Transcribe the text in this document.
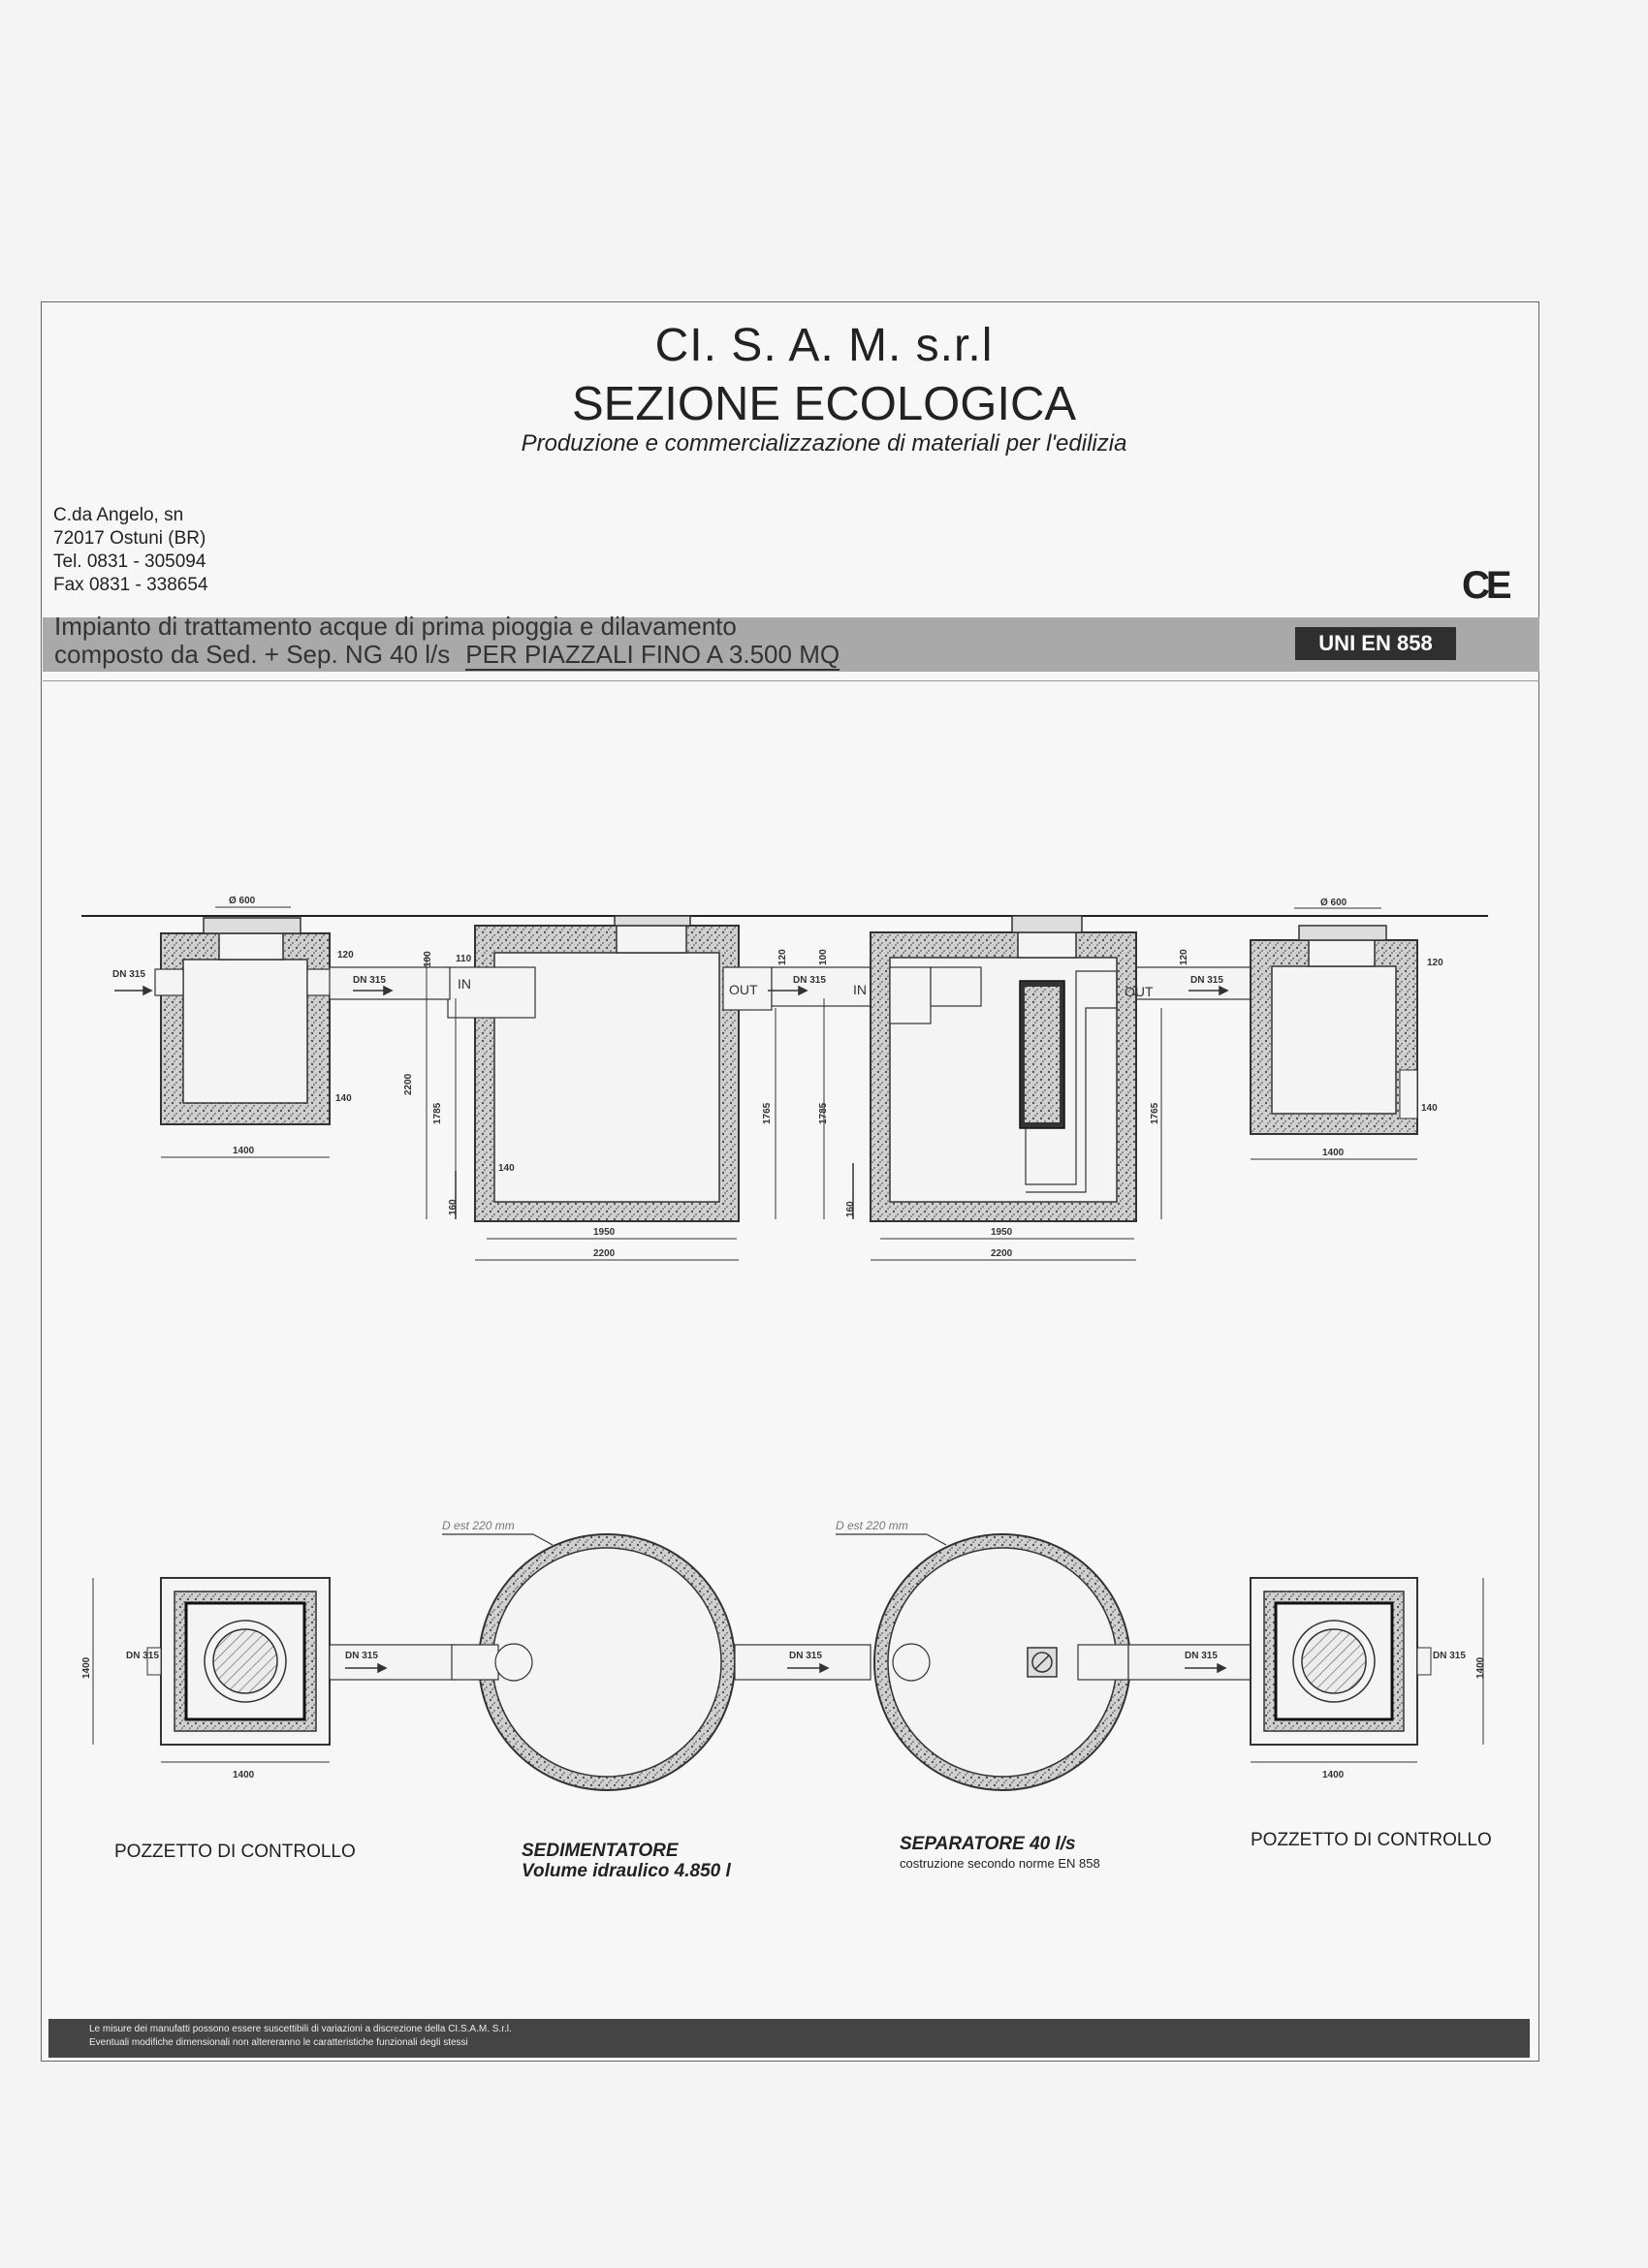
CI. S. A. M. s.r.l
SEZIONE ECOLOGICA
Produzione e commercializzazione di materiali per l'edilizia
C.da Angelo, sn
72017 Ostuni (BR)
Tel. 0831 - 305094
Fax 0831 - 338654	CE
Impianto di trattamento acque di prima pioggia e dilavamento
composto da Sed. + Sep. NG 40 l/s PER PIAZZALI FINO A 3.500 MQ	UNI EN 858
Ø 600	Ø 600
DN 315
DN 315	DN 315	DN 315
120
120
110
140
140
140
1400	1400
1950	1950
2200	2200
1400	1400
DN 315	DN 315	DN 315
DN 315	DN 315
2200
1785
160
100
1765
120
1785
100
160
1765
120
1400	1400
IN	OUT	IN	OUT
D est 220 mm	D est 220 mm
POZZETTO DI CONTROLLO	SEDIMENTATORE
Volume idraulico 4.850 l
SEPARATORE 40 l/s
costruzione secondo norme EN 858
POZZETTO DI CONTROLLO
Le misure dei manufatti possono essere suscettibili di variazioni a discrezione della CI.S.A.M. S.r.l.
Eventuali modifiche dimensionali non altereranno le caratteristiche funzionali degli stessi
